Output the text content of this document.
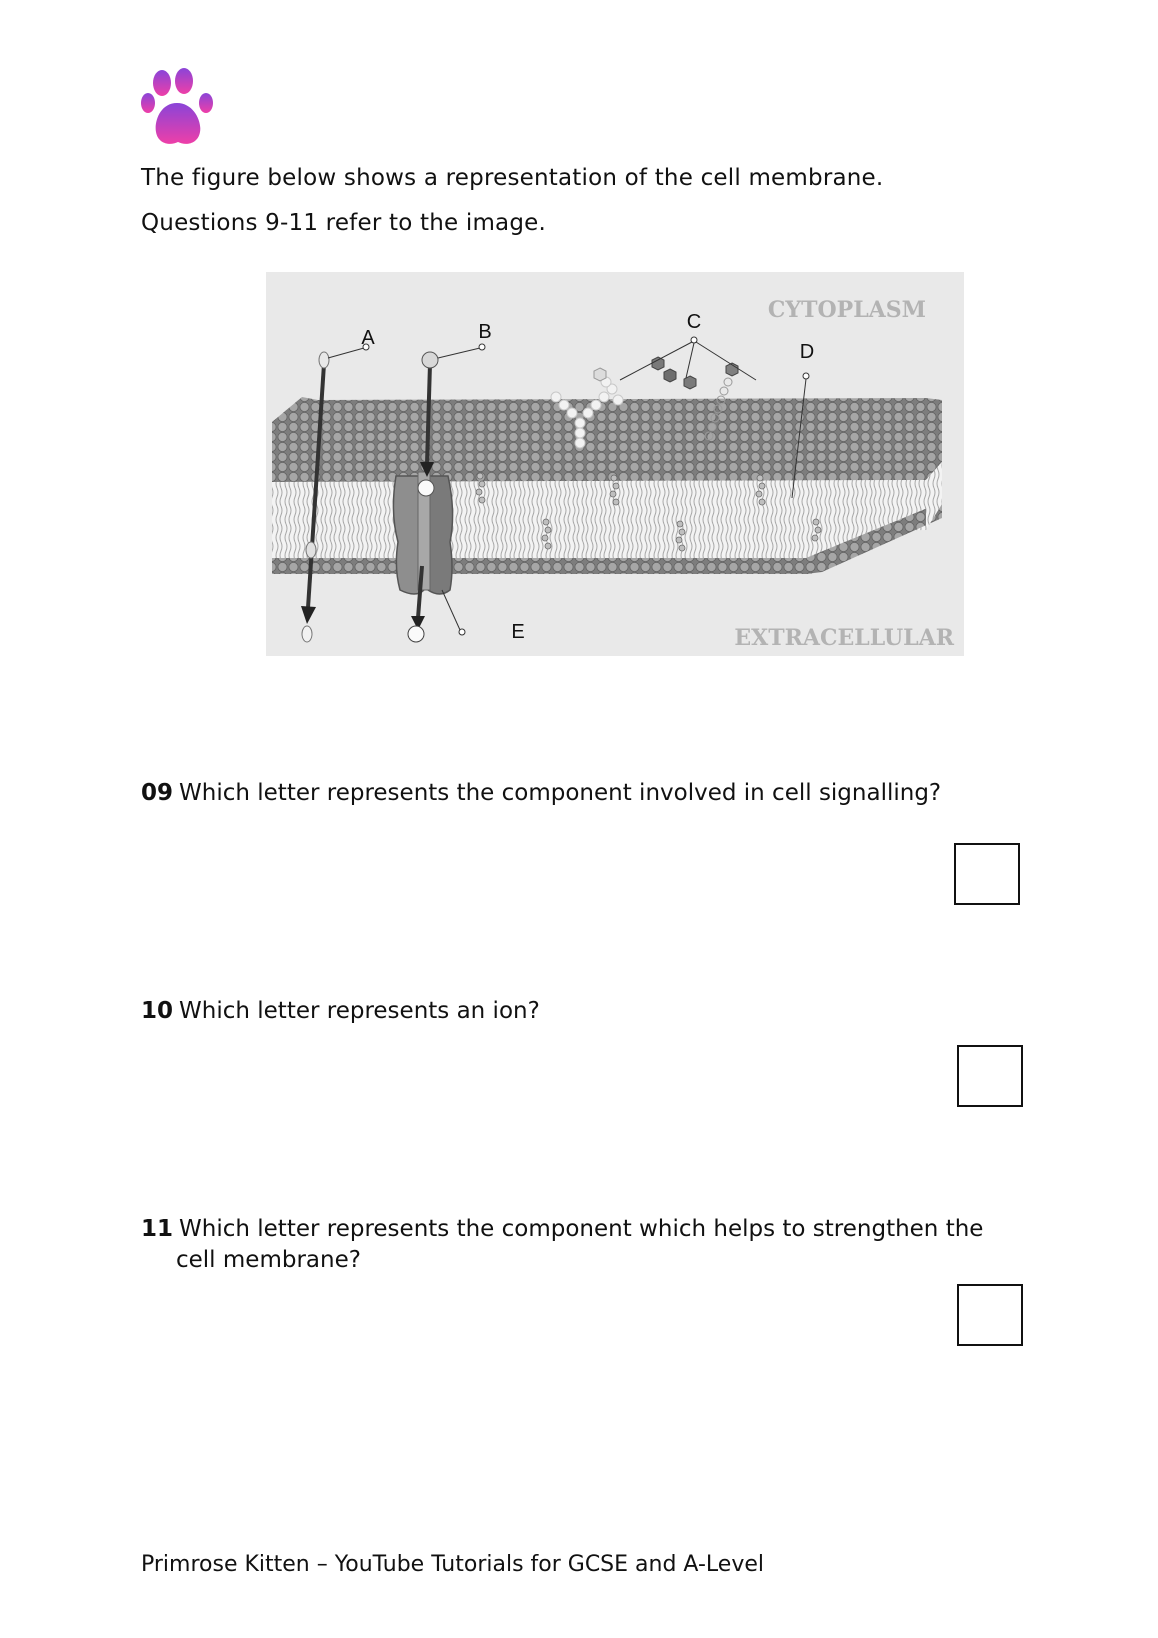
The figure below shows a representation of the cell membrane.
Questions 9-11 refer to the image.
A	B	C
D
E
CYTOPLASM
EXTRACELLULAR
09 Which letter represents the component involved in cell signalling?
10 Which letter represents an ion?
11 Which letter represents the component which helps to strengthen the
cell membrane?
Primrose Kitten – YouTube Tutorials for GCSE and A-Level
